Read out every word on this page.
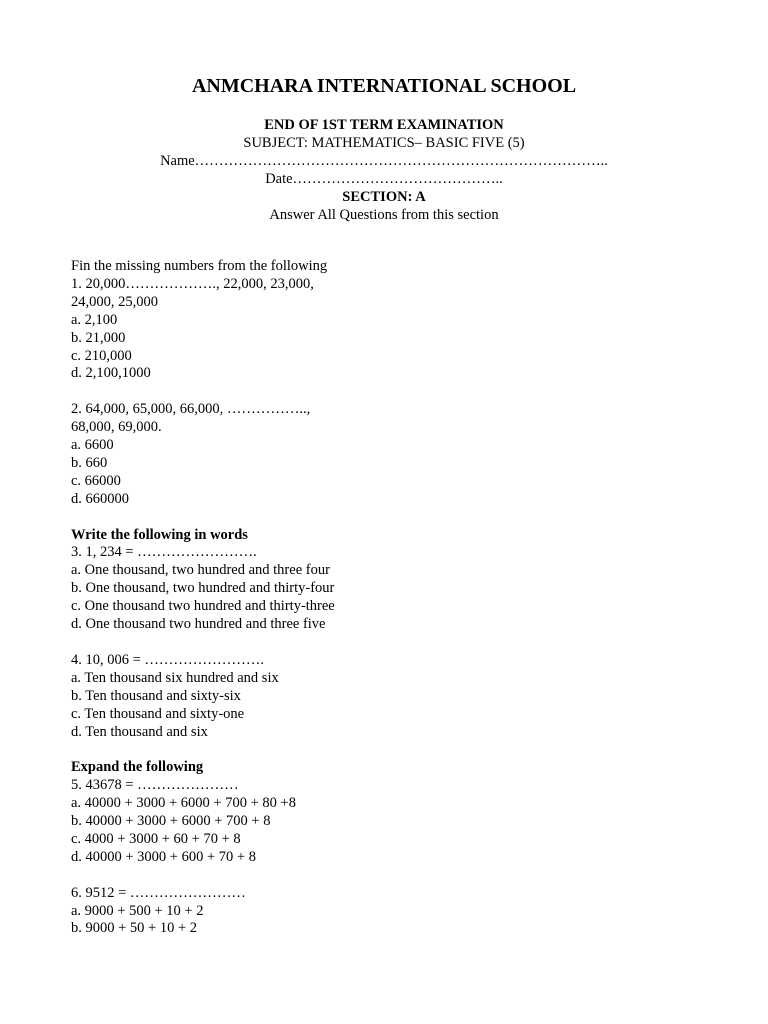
ANMCHARA INTERNATIONAL SCHOOL

END OF 1ST TERM EXAMINATION

SUBJECT: MATHEMATICS– BASIC FIVE (5)

Name…………………………………………………………………………..

Date……………………………………..

SECTION: A

Answer All Questions from this section

Fin the missing numbers from the following

1. 20,000………………., 22,000, 23,000,

24,000, 25,000

a. 2,100

b. 21,000

c. 210,000

d. 2,100,1000

2. 64,000, 65,000, 66,000, ……………..,

68,000, 69,000.

a. 6600

b. 660

c. 66000

d. 660000

Write the following in words

3. 1, 234 = …………………….

a. One thousand, two hundred and three four

b. One thousand, two hundred and thirty-four

c. One thousand two hundred and thirty-three

d. One thousand two hundred and three five

4. 10, 006 = …………………….

a. Ten thousand six hundred and six

b. Ten thousand and sixty-six

c. Ten thousand and sixty-one

d. Ten thousand and six

Expand the following

5. 43678 = …………………

a. 40000 + 3000 + 6000 + 700 + 80 +8

b. 40000 + 3000 + 6000 + 700 + 8

c. 4000 + 3000 + 60 + 70 + 8

d. 40000 + 3000 + 600 + 70 + 8

6. 9512 = ……………………

a. 9000 + 500 + 10 + 2

b. 9000 + 50 + 10 + 2
